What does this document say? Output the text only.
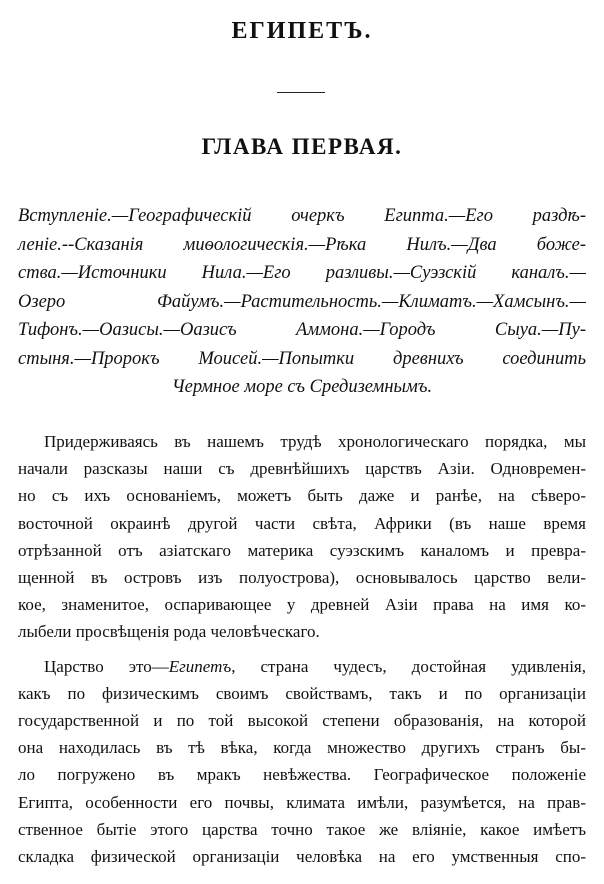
ЕГИПЕТЪ.
ГЛАВА ПЕРВАЯ.
Вступленіе.—Географическій очеркъ Египта.—Его раздѣ-
леніе.--Сказанія миѳологическія.—Рѣка Нилъ.—Два боже-
ства.—Источники Нила.—Его разливы.—Суэзскій каналъ.—
Озеро Файумъ.—Растительность.—Климатъ.—Хамсынъ.—
Тифонъ.—Оазисы.—Оазисъ Аммона.—Городъ Сыуа.—Пу-
стыня.—Пророкъ Моисей.—Попытки древнихъ соединить
Чермное море съ Средиземнымъ.
Придерживаясь въ нашемъ трудѣ хронологическаго порядка, мы
начали разсказы наши съ древнѣйшихъ царствъ Азіи. Одновремен-
но съ ихъ основаніемъ, можетъ быть даже и ранѣе, на сѣверо-
восточной окраинѣ другой части свѣта, Африки (въ наше время
отрѣзанной отъ азіатскаго материка суэзскимъ каналомъ и превра-
щенной въ островъ изъ полуострова), основывалось царство вели-
кое, знаменитое, оспаривающее у древней Азіи права на имя ко-
лыбели просвѣщенія рода человѣческаго.
Царство это—Египетъ, страна чудесъ, достойная удивленія,
какъ по физическимъ своимъ свойствамъ, такъ и по организаціи
государственной и по той высокой степени образованія, на которой
она находилась въ тѣ вѣка, когда множество другихъ странъ бы-
ло погружено въ мракъ невѣжества. Географическое положеніе
Египта, особенности его почвы, климата имѣли, разумѣется, на прав-
ственное бытіе этого царства точно такое же вліяніе, какое имѣетъ
складка физической организаціи человѣка на его умственныя спо-
